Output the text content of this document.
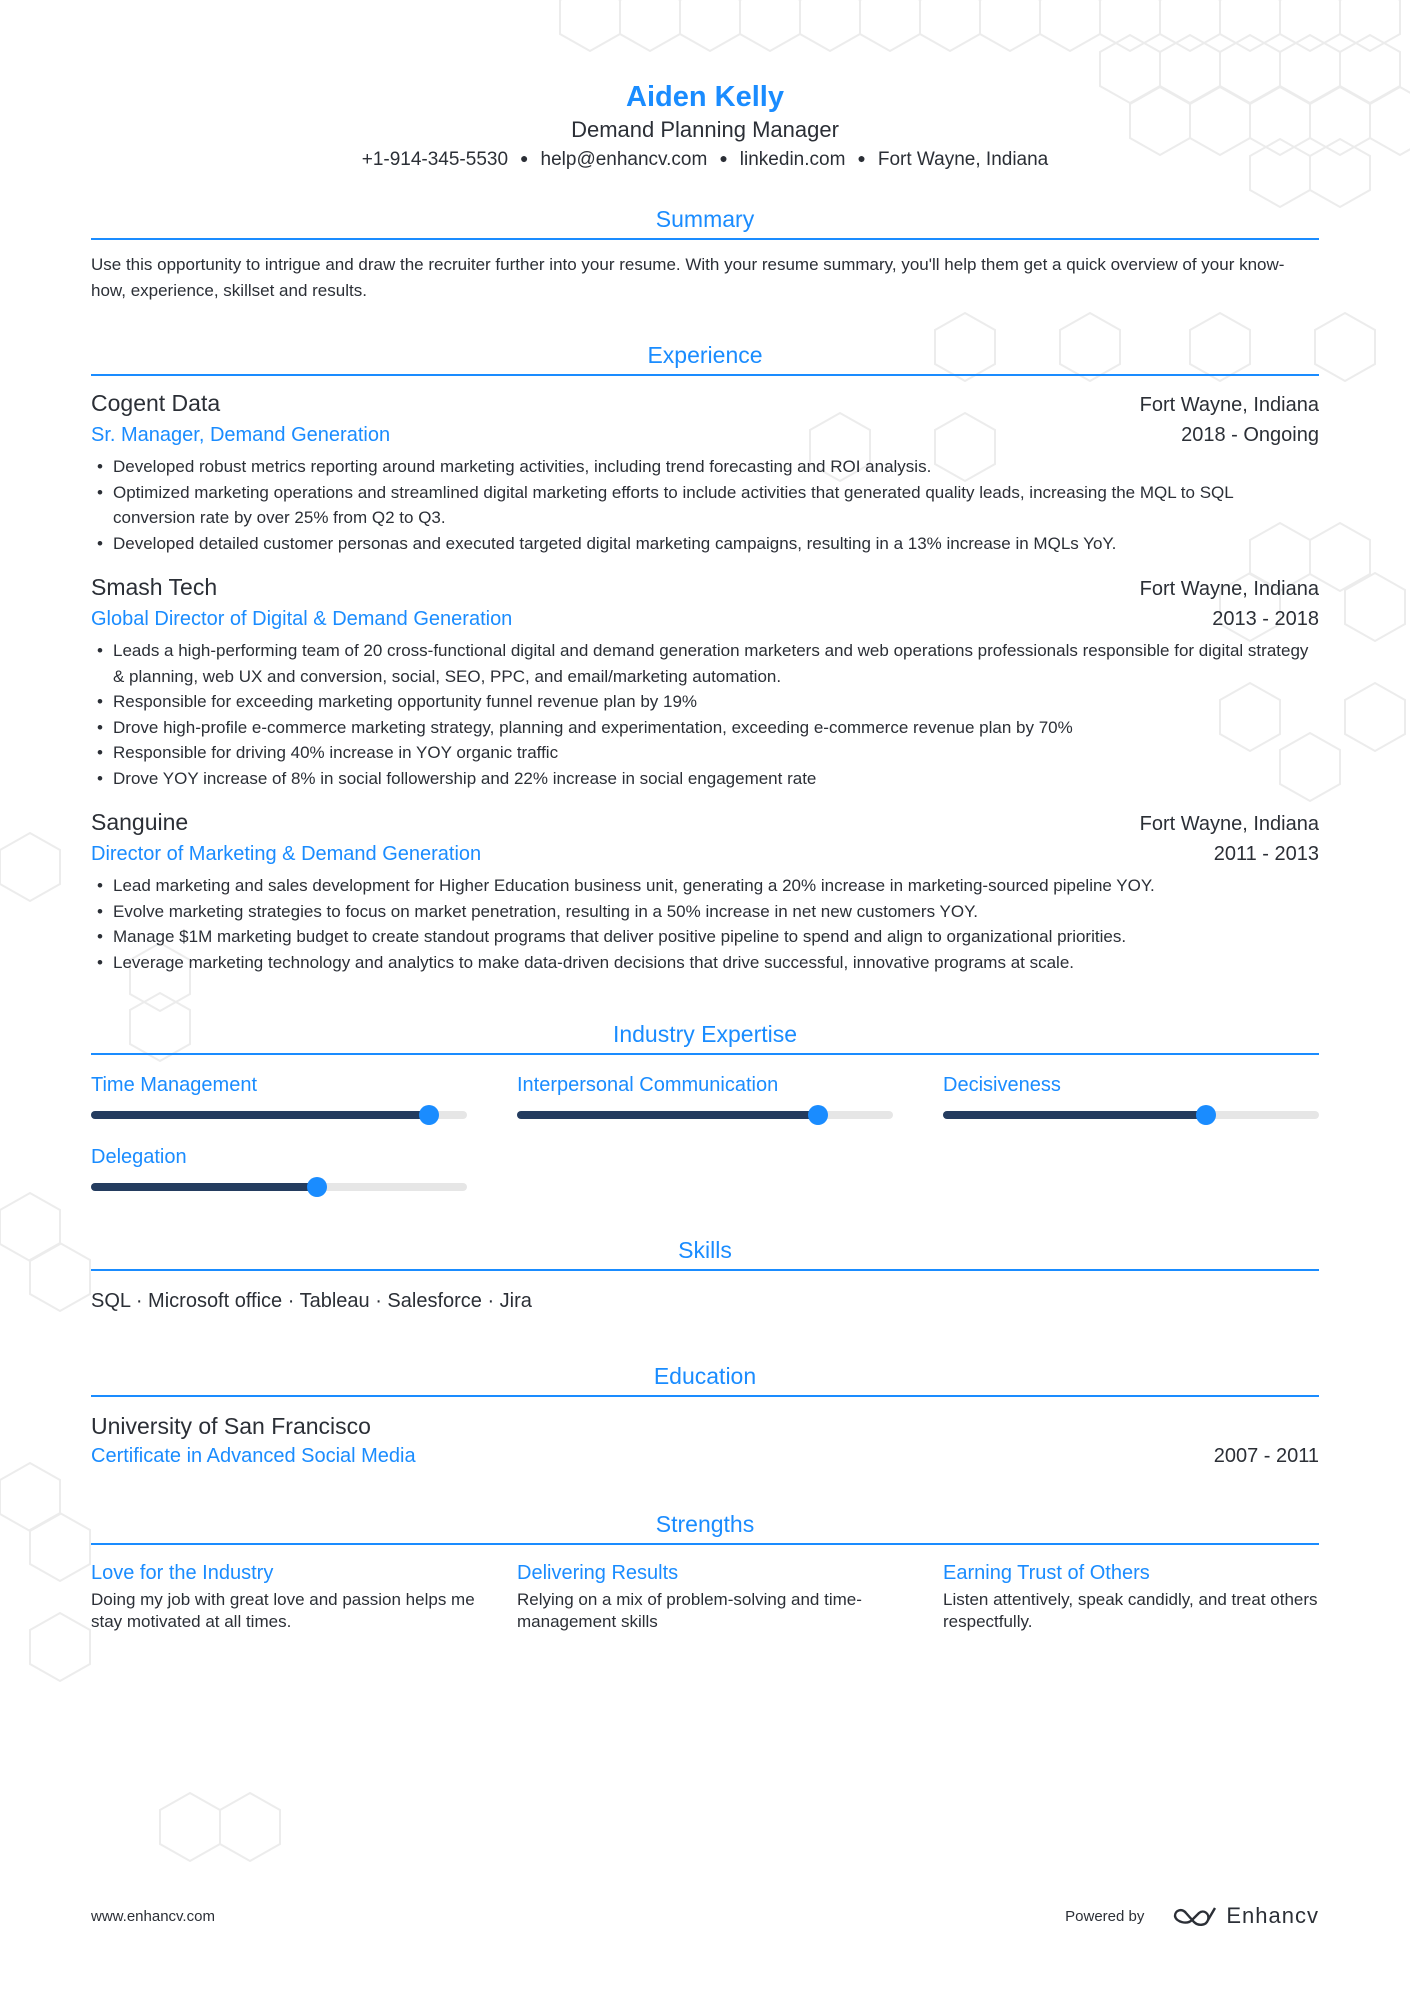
Aiden Kelly
Demand Planning Manager
+1-914-345-5530 ● help@enhancv.com ● linkedin.com ● Fort Wayne, Indiana
Summary
Use this opportunity to intrigue and draw the recruiter further into your resume. With your resume summary, you'll help them get a quick overview of your know-how, experience, skillset and results.
Experience
Cogent Data	Fort Wayne, Indiana
Sr. Manager, Demand Generation	2018 - Ongoing
• Developed robust metrics reporting around marketing activities, including trend forecasting and ROI analysis.
• Optimized marketing operations and streamlined digital marketing efforts to include activities that generated quality leads, increasing the MQL to SQL conversion rate by over 25% from Q2 to Q3.
• Developed detailed customer personas and executed targeted digital marketing campaigns, resulting in a 13% increase in MQLs YoY.
Smash Tech	Fort Wayne, Indiana
Global Director of Digital & Demand Generation	2013 - 2018
• Leads a high-performing team of 20 cross-functional digital and demand generation marketers and web operations professionals responsible for digital strategy & planning, web UX and conversion, social, SEO, PPC, and email/marketing automation.
• Responsible for exceeding marketing opportunity funnel revenue plan by 19%
• Drove high-profile e-commerce marketing strategy, planning and experimentation, exceeding e-commerce revenue plan by 70%
• Responsible for driving 40% increase in YOY organic traffic
• Drove YOY increase of 8% in social followership and 22% increase in social engagement rate
Sanguine	Fort Wayne, Indiana
Director of Marketing & Demand Generation	2011 - 2013
• Lead marketing and sales development for Higher Education business unit, generating a 20% increase in marketing-sourced pipeline YOY.
• Evolve marketing strategies to focus on market penetration, resulting in a 50% increase in net new customers YOY.
• Manage $1M marketing budget to create standout programs that deliver positive pipeline to spend and align to organizational priorities.
• Leverage marketing technology and analytics to make data-driven decisions that drive successful, innovative programs at scale.
Industry Expertise
Time Management	Interpersonal Communication	Decisiveness
Delegation
Skills
SQL · Microsoft office · Tableau · Salesforce · Jira
Education
University of San Francisco
Certificate in Advanced Social Media	2007 - 2011
Strengths
Love for the Industry
Doing my job with great love and passion helps me stay motivated at all times.
Delivering Results
Relying on a mix of problem-solving and time-management skills
Earning Trust of Others
Listen attentively, speak candidly, and treat others respectfully.
www.enhancv.com	Powered by	Enhancv
